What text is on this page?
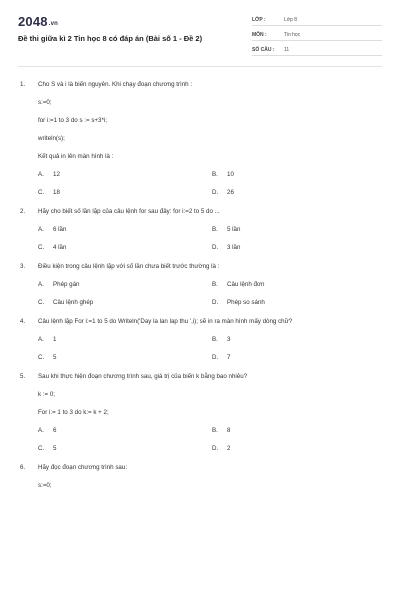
2048.vn
Đề thi giữa kì 2 Tin học 8 có đáp án (Bài số 1 - Đề 2)
LỚP :	Lớp 8
MÔN :	Tin học
SỐ CÂU :	11
1.	Cho S và i là biến nguyên. Khi chạy đoạn chương trình :
s:=0;
for i:=1 to 3 do s := s+3*i;
writeln(s);
Kết quả in lên màn hình là :
A. 12	B. 10
C. 18	D. 26
2.	Hãy cho biết số lần lặp của câu lệnh for sau đây: for i:=2 to 5 do ...
A. 6 lần	B. 5 lần
C. 4 lần	D. 3 lần
3.	Điều kiện trong câu lệnh lặp với số lần chưa biết trước thường là :
A. Phép gán	B. Câu lệnh đơn
C. Câu lệnh ghép	D. Phép so sánh
4.	Câu lệnh lặp For i:=1 to 5 do Writeln('Day la lan lap thu ',i); sẽ in ra màn hình mấy dòng chữ?
A. 1	B. 3
C. 5	D. 7
5.	Sau khi thực hiện đoạn chương trình sau, giá trị của biến k bằng bao nhiêu?
k := 0;
For i:= 1 to 3 do k:= k + 2;
A. 6	B. 8
C. 5	D. 2
6.	Hãy đọc đoạn chương trình sau:
s:=0;
